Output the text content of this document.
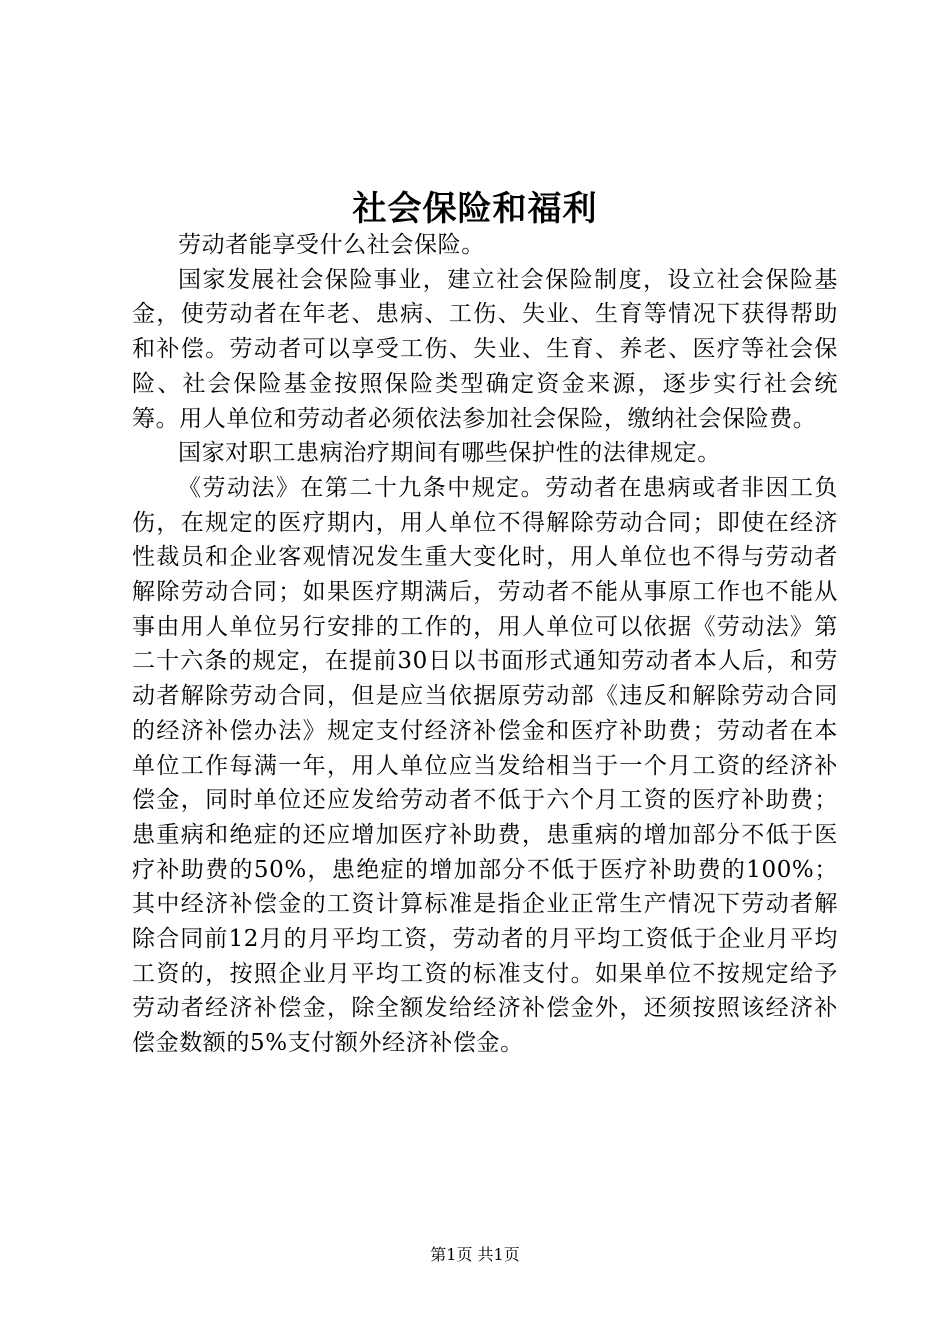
社会保险和福利

劳动者能享受什么社会保险。

国家发展社会保险事业，建立社会保险制度，设立社会保险基金，使劳动者在年老、患病、工伤、失业、生育等情况下获得帮助和补偿。劳动者可以享受工伤、失业、生育、养老、医疗等社会保险、社会保险基金按照保险类型确定资金来源，逐步实行社会统筹。用人单位和劳动者必须依法参加社会保险，缴纳社会保险费。

国家对职工患病治疗期间有哪些保护性的法律规定。

《劳动法》在第二十九条中规定。劳动者在患病或者非因工负伤，在规定的医疗期内，用人单位不得解除劳动合同；即使在经济性裁员和企业客观情况发生重大变化时，用人单位也不得与劳动者解除劳动合同；如果医疗期满后，劳动者不能从事原工作也不能从事由用人单位另行安排的工作的，用人单位可以依据《劳动法》第二十六条的规定，在提前30日以书面形式通知劳动者本人后，和劳动者解除劳动合同，但是应当依据原劳动部《违反和解除劳动合同的经济补偿办法》规定支付经济补偿金和医疗补助费；劳动者在本单位工作每满一年，用人单位应当发给相当于一个月工资的经济补偿金，同时单位还应发给劳动者不低于六个月工资的医疗补助费；患重病和绝症的还应增加医疗补助费，患重病的增加部分不低于医疗补助费的50%，患绝症的增加部分不低于医疗补助费的100%；其中经济补偿金的工资计算标准是指企业正常生产情况下劳动者解除合同前12月的月平均工资，劳动者的月平均工资低于企业月平均工资的，按照企业月平均工资的标准支付。如果单位不按规定给予劳动者经济补偿金，除全额发给经济补偿金外，还须按照该经济补偿金数额的5%支付额外经济补偿金。

第1页 共1页
